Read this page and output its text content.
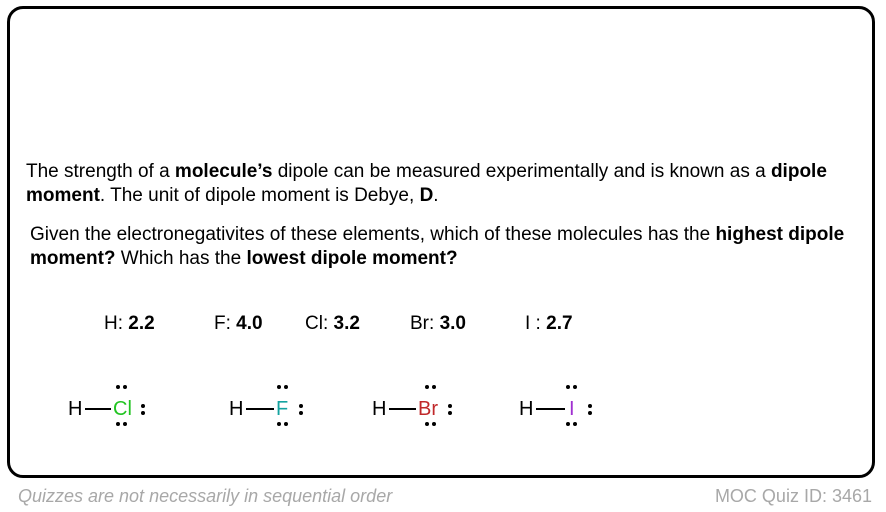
The strength of a molecule’s dipole can be measured experimentally and is known as a dipole moment. The unit of dipole moment is Debye, D.

Given the electronegativites of these elements, which of these molecules has the highest dipole moment? Which has the lowest dipole moment?

H: 2.2	F: 4.0 Cl: 3.2	Br: 3.0	I : 2.7
H Cl	H F	H Br	H I
Quizzes are not necessarily in sequential order	MOC Quiz ID: 3461
